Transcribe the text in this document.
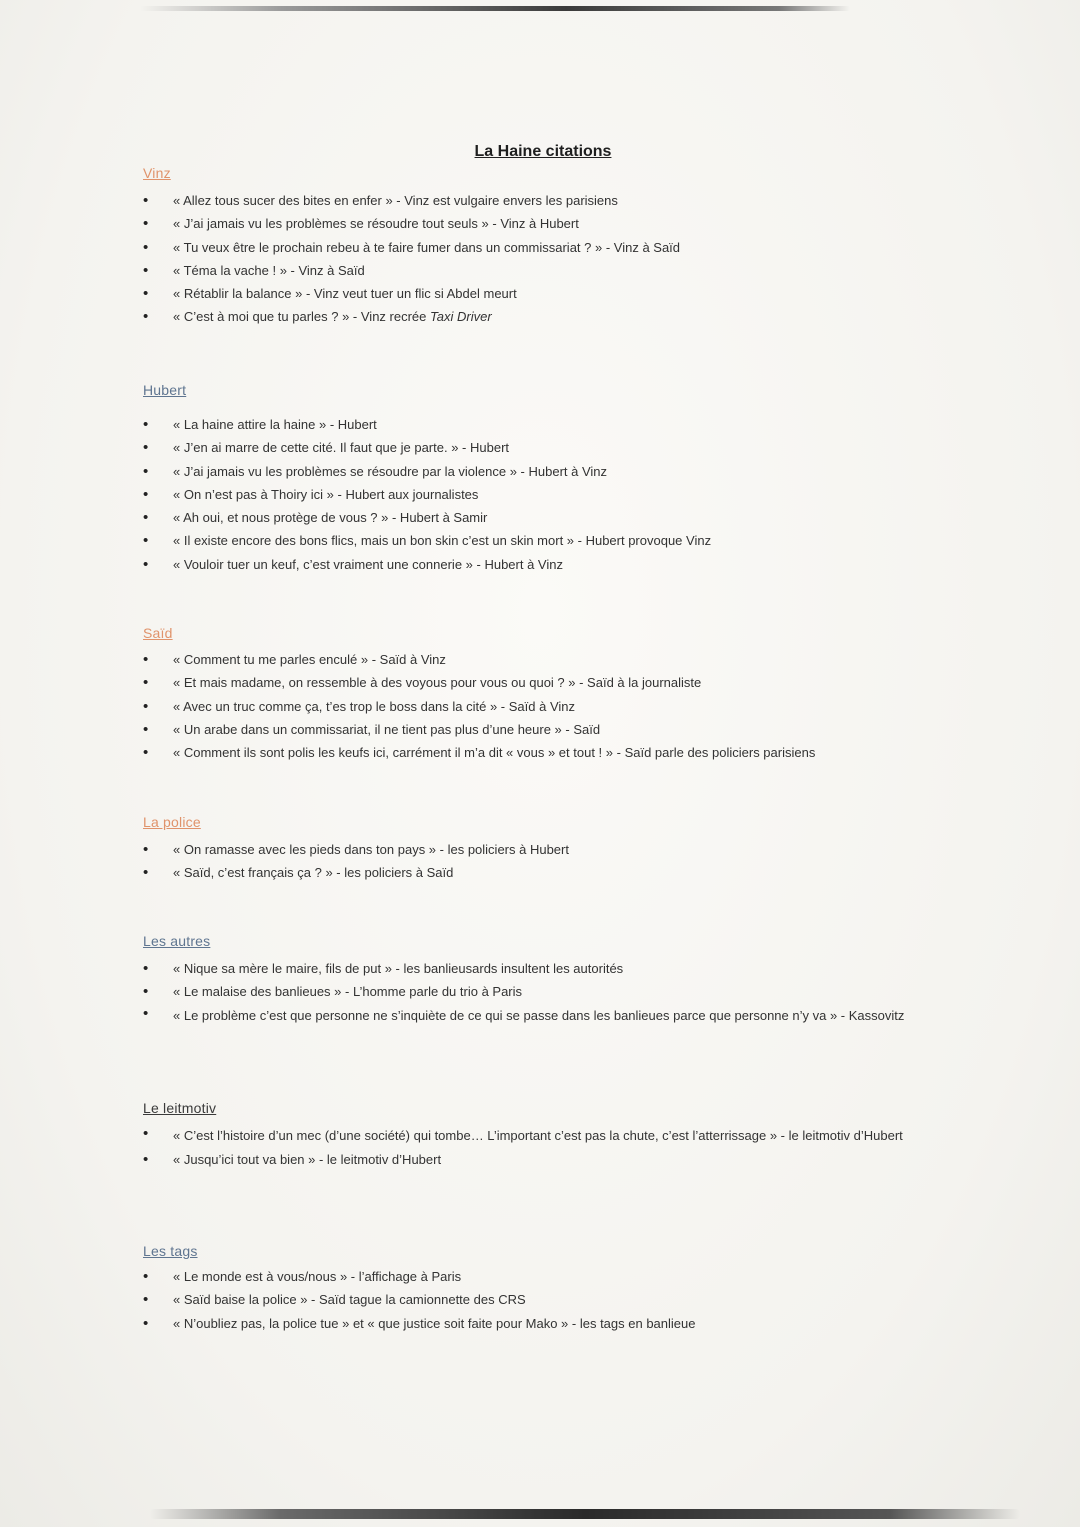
La Haine citations
Vinz
• « Allez tous sucer des bites en enfer » - Vinz est vulgaire envers les parisiens
• « J’ai jamais vu les problèmes se résoudre tout seuls » - Vinz à Hubert
• « Tu veux être le prochain rebeu à te faire fumer dans un commissariat ? » - Vinz à Saïd
• « Téma la vache ! » - Vinz à Saïd
• « Rétablir la balance » - Vinz veut tuer un flic si Abdel meurt
• « C’est à moi que tu parles ? » - Vinz recrée Taxi Driver
Hubert
• « La haine attire la haine » - Hubert
• « J’en ai marre de cette cité. Il faut que je parte. » - Hubert
• « J’ai jamais vu les problèmes se résoudre par la violence » - Hubert à Vinz
• « On n’est pas à Thoiry ici » - Hubert aux journalistes
• « Ah oui, et nous protège de vous ? » - Hubert à Samir
• « Il existe encore des bons flics, mais un bon skin c’est un skin mort » - Hubert provoque Vinz
• « Vouloir tuer un keuf, c’est vraiment une connerie » - Hubert à Vinz
Saïd
• « Comment tu me parles enculé » - Saïd à Vinz
• « Et mais madame, on ressemble à des voyous pour vous ou quoi ? » - Saïd à la journaliste
• « Avec un truc comme ça, t’es trop le boss dans la cité » - Saïd à Vinz
• « Un arabe dans un commissariat, il ne tient pas plus d’une heure » - Saïd
• « Comment ils sont polis les keufs ici, carrément il m’a dit « vous » et tout ! » - Saïd parle des policiers parisiens
La police
• « On ramasse avec les pieds dans ton pays » - les policiers à Hubert
• « Saïd, c’est français ça ? » - les policiers à Saïd
Les autres
• « Nique sa mère le maire, fils de put » - les banlieusards insultent les autorités
• « Le malaise des banlieues » - L’homme parle du trio à Paris
• « Le problème c’est que personne ne s’inquiète de ce qui se passe dans les banlieues parce que personne n’y va » - Kassovitz
Le leitmotiv
• « C’est l’histoire d’un mec (d’une société) qui tombe… L’important c’est pas la chute, c’est l’atterrissage » - le leitmotiv d’Hubert
• « Jusqu’ici tout va bien » - le leitmotiv d’Hubert
Les tags
• « Le monde est à vous/nous » - l’affichage à Paris
• « Saïd baise la police » - Saïd tague la camionnette des CRS
• « N’oubliez pas, la police tue » et « que justice soit faite pour Mako » - les tags en banlieue
